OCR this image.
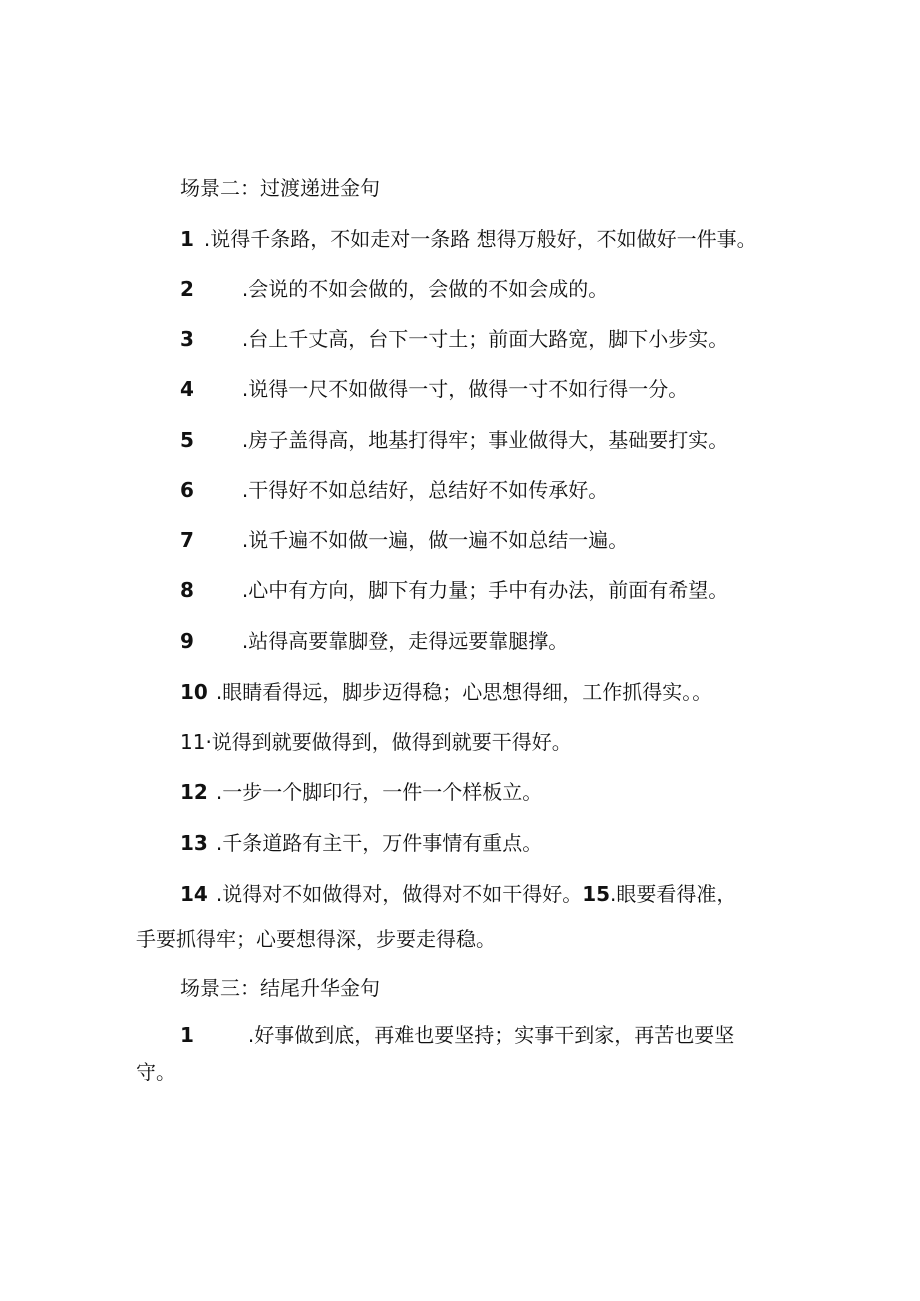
场景二：过渡递进金句
1 .说得千条路，不如走对一条路 想得万般好，不如做好一件事。
2 .会说的不如会做的，会做的不如会成的。
3 .台上千丈高，台下一寸土；前面大路宽，脚下小步实。
4 .说得一尺不如做得一寸，做得一寸不如行得一分。
5 .房子盖得高，地基打得牢；事业做得大，基础要打实。
6 .干得好不如总结好，总结好不如传承好。
7 .说千遍不如做一遍，做一遍不如总结一遍。
8 .心中有方向，脚下有力量；手中有办法，前面有希望。
9 .站得高要靠脚登，走得远要靠腿撑。
10 .眼睛看得远，脚步迈得稳；心思想得细，工作抓得实。。
11·说得到就要做得到，做得到就要干得好。
12 .一步一个脚印行，一件一个样板立。
13 .千条道路有主干，万件事情有重点。
14 .说得对不如做得对，做得对不如干得好。15.眼要看得准，
手要抓得牢；心要想得深，步要走得稳。
场景三：结尾升华金句
1	.好事做到底，再难也要坚持；实事干到家，再苦也要坚
守。
